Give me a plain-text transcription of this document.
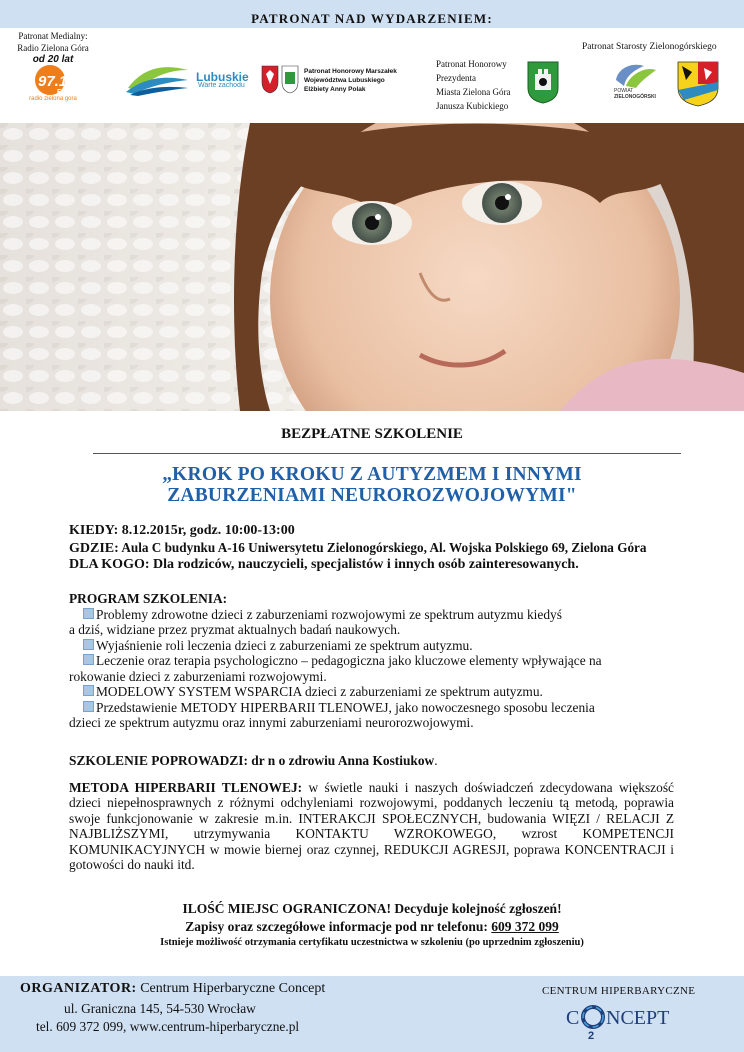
PATRONAT NAD WYDARZENIEM:
Patronat Medialny:
Radio Zielona Góra
od 20 lat
97.1
FM
radio zielona gora
Lubuskie
Warte zachodu
Patronat Honorowy Marszałek
Województwa Lubuskiego
Elżbiety Anny Polak
Patronat Honorowy
Prezydenta
Miasta Zielona Góra
Janusza Kubickiego
Patronat Starosty Zielonogórskiego
POWIAT
ZIELONOGÓRSKI
BEZPŁATNE SZKOLENIE
„KROK PO KROKU Z AUTYZMEM I INNYMI
ZABURZENIAMI NEUROROZWOJOWYMI"
KIEDY: 8.12.2015r, godz. 10:00-13:00
GDZIE: Aula C budynku A-16 Uniwersytetu Zielonogórskiego, Al. Wojska Polskiego 69, Zielona Góra
DLA KOGO: Dla rodziców, nauczycieli, specjalistów i innych osób zainteresowanych.
PROGRAM SZKOLENIA:
Problemy zdrowotne dzieci z zaburzeniami rozwojowymi ze spektrum autyzmu kiedyś
a dziś, widziane przez pryzmat aktualnych badań naukowych.
Wyjaśnienie roli leczenia dzieci z zaburzeniami ze spektrum autyzmu.
Leczenie oraz terapia psychologiczno – pedagogiczna jako kluczowe elementy wpływające na
rokowanie dzieci z zaburzeniami rozwojowymi.
MODELOWY SYSTEM WSPARCIA dzieci z zaburzeniami ze spektrum autyzmu.
Przedstawienie METODY HIPERBARII TLENOWEJ, jako nowoczesnego sposobu leczenia
dzieci ze spektrum autyzmu oraz innymi zaburzeniami neurorozwojowymi.
SZKOLENIE POPROWADZI: dr n o zdrowiu Anna Kostiukow.
METODA HIPERBARII TLENOWEJ: w świetle nauki i naszych doświadczeń zdecydowana większość dzieci niepełnosprawnych z różnymi odchyleniami rozwojowymi, poddanych leczeniu tą metodą, poprawia swoje funkcjonowanie w zakresie m.in. INTERAKCJI SPOŁECZNYCH, budowania WIĘZI / RELACJI Z NAJBLIŻSZYMI, utrzymywania KONTAKTU WZROKOWEGO, wzrost KOMPETENCJI KOMUNIKACYJNYCH w mowie biernej oraz czynnej, REDUKCJI AGRESJI, poprawa KONCENTRACJI i gotowości do nauki itd.
ILOŚĆ MIEJSC OGRANICZONA! Decyduje kolejność zgłoszeń!
Zapisy oraz szczegółowe informacje pod nr telefonu: 609 372 099
Istnieje możliwość otrzymania certyfikatu uczestnictwa w szkoleniu (po uprzednim zgłoszeniu)
ORGANIZATOR: Centrum Hiperbaryczne Concept
ul. Graniczna 145, 54-530 Wrocław
tel. 609 372 099, www.centrum-hiperbaryczne.pl
CENTRUM HIPERBARYCZNE
C NCEPT
2
